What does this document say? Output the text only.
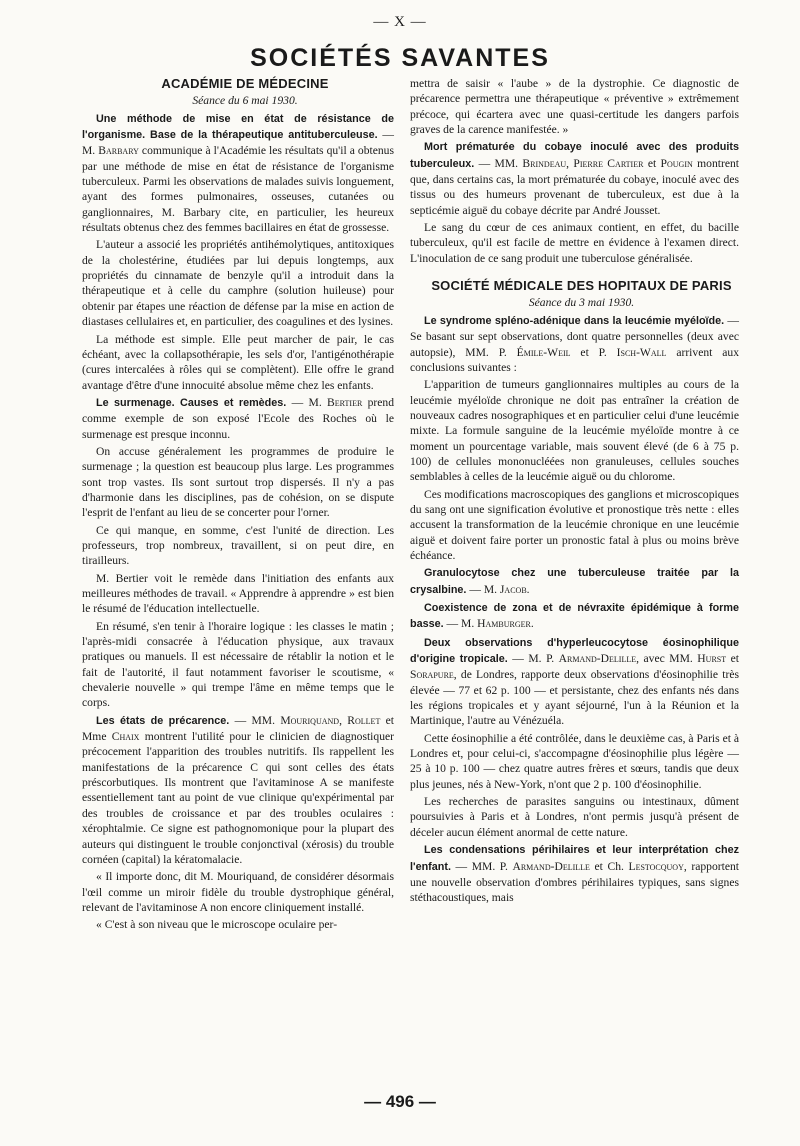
— X —
SOCIÉTÉS SAVANTES

ACADÉMIE DE MÉDECINE

Séance du 6 mai 1930.

Une méthode de mise en état de résistance de l'organisme. Base de la thérapeutique antituberculeuse. — M. Barbary communique à l'Académie les résultats qu'il a obtenus par une méthode de mise en état de résistance de l'organisme tuberculeux. Parmi les observations de malades suivis longuement, ayant des formes pulmonaires, osseuses, cutanées ou ganglionnaires, M. Barbary cite, en particulier, les heureux résultats obtenus chez des femmes bacillaires en état de grossesse.

L'auteur a associé les propriétés antihémolytiques, antitoxiques de la cholestérine, étudiées par lui depuis longtemps, aux propriétés du cinnamate de benzyle qu'il a introduit dans la thérapeutique et à celle du camphre (solution huileuse) pour obtenir par étapes une réaction de défense par la mise en action de diastases cellulaires et, en particulier, des coagulines et des lysines.

La méthode est simple. Elle peut marcher de pair, le cas échéant, avec la collapsothérapie, les sels d'or, l'antigénothérapie (cures intercalées à rôles qui se complètent). Elle offre le grand avantage d'être d'une innocuité absolue même chez les enfants.

Le surmenage. Causes et remèdes. — M. Bertier prend comme exemple de son exposé l'Ecole des Roches où le surmenage est presque inconnu.

On accuse généralement les programmes de produire le surmenage ; la question est beaucoup plus large. Les programmes sont trop vastes. Ils sont surtout trop dispersés. Il n'y a pas d'harmonie dans les disciplines, pas de cohésion, on se dispute l'esprit de l'enfant au lieu de se concerter pour l'orner.

Ce qui manque, en somme, c'est l'unité de direction. Les professeurs, trop nombreux, travaillent, si on peut dire, en tirailleurs.

M. Bertier voit le remède dans l'initiation des enfants aux meilleures méthodes de travail. « Apprendre à apprendre » est bien le résumé de l'éducation intellectuelle.

En résumé, s'en tenir à l'horaire logique : les classes le matin ; l'après-midi consacrée à l'éducation physique, aux travaux pratiques ou manuels. Il est nécessaire de rétablir la notion et le fait de l'autorité, il faut notamment favoriser le scoutisme, « chevalerie nouvelle » qui trempe l'âme en même temps que le corps.

Les états de précarence. — MM. Mouriquand, Rollet et Mme Chaix montrent l'utilité pour le clinicien de diagnostiquer précocement l'apparition des troubles nutritifs. Ils rappellent les manifestations de la précarence C qui sont celles des états préscorbutiques. Ils montrent que l'avitaminose A se manifeste essentiellement tant au point de vue clinique qu'expérimental par des troubles de croissance et par des troubles oculaires : xérophtalmie. Ce signe est pathognomonique pour la plupart des auteurs qui distinguent le trouble conjonctival (xérosis) du trouble cornéen (capital) la kératomalacie.

« Il importe donc, dit M. Mouriquand, de considérer désormais l'œil comme un miroir fidèle du trouble dystrophique général, relevant de l'avitaminose A non encore cliniquement installé.

« C'est à son niveau que le microscope oculaire per-

mettra de saisir « l'aube » de la dystrophie. Ce diagnostic de précarence permettra une thérapeutique « préventive » extrêmement précoce, qui écartera avec une quasi-certitude les dangers parfois graves de la carence manifestée. »

Mort prématurée du cobaye inoculé avec des produits tuberculeux. — MM. Brindeau, Pierre Cartier et Pougin montrent que, dans certains cas, la mort prématurée du cobaye, inoculé avec des tissus ou des humeurs provenant de tuberculeux, est due à la septicémie aiguë du cobaye décrite par André Jousset.

Le sang du cœur de ces animaux contient, en effet, du bacille tuberculeux, qu'il est facile de mettre en évidence à l'examen direct. L'inoculation de ce sang produit une tuberculose généralisée.

SOCIÉTÉ MÉDICALE DES HOPITAUX DE PARIS

Séance du 3 mai 1930.

Le syndrome spléno-adénique dans la leucémie myéloïde. — Se basant sur sept observations, dont quatre personnelles (deux avec autopsie), MM. P. Émile-Weil et P. Isch-Wall arrivent aux conclusions suivantes :

L'apparition de tumeurs ganglionnaires multiples au cours de la leucémie myéloïde chronique ne doit pas entraîner la création de nouveaux cadres nosographiques et en particulier celui d'une leucémie mixte. La formule sanguine de la leucémie myéloïde montre à ce moment un pourcentage variable, mais souvent élevé (de 6 à 75 p. 100) de cellules mononucléées non granuleuses, cellules souches semblables à celles de la leucémie aiguë ou du chlorome.

Ces modifications macroscopiques des ganglions et microscopiques du sang ont une signification évolutive et pronostique très nette : elles accusent la transformation de la leucémie chronique en une leucémie aiguë et doivent faire porter un pronostic fatal à plus ou moins brève échéance.

Granulocytose chez une tuberculeuse traitée par la crysalbine. — M. Jacob.

Coexistence de zona et de névraxite épidémique à forme basse. — M. Hamburger.

Deux observations d'hyperleucocytose éosinophilique d'origine tropicale. — M. P. Armand-Delille, avec MM. Hurst et Sorapure, de Londres, rapporte deux observations d'éosinophilie très élevée — 77 et 62 p. 100 — et persistante, chez des enfants nés dans les régions tropicales et y ayant séjourné, l'un à la Réunion et la Martinique, l'autre au Vénézuéla.

Cette éosinophilie a été contrôlée, dans le deuxième cas, à Paris et à Londres et, pour celui-ci, s'accompagne d'éosinophilie plus légère — 25 à 10 p. 100 — chez quatre autres frères et sœurs, tandis que deux plus jeunes, nés à New-York, n'ont que 2 p. 100 d'éosinophilie.

Les recherches de parasites sanguins ou intestinaux, dûment poursuivies à Paris et à Londres, n'ont permis jusqu'à présent de déceler aucun élément anormal de cette nature.

Les condensations périhilaires et leur interprétation chez l'enfant. — MM. P. Armand-Delille et Ch. Lestocquoy, rapportent une nouvelle observation d'ombres périhilaires typiques, sans signes stéthacoustiques, mais

— 496 —
